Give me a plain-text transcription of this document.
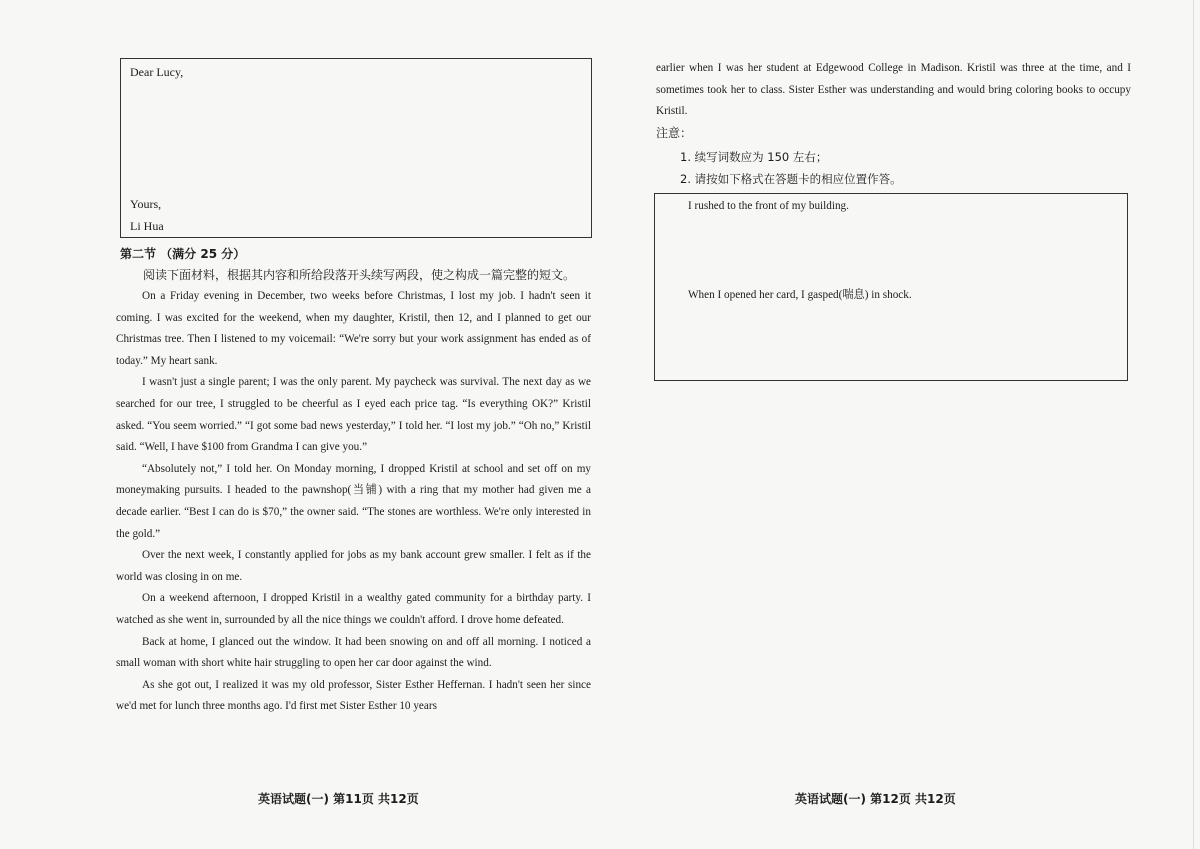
Dear Lucy,
Yours,
Li Hua
第二节 （满分 25 分）
阅读下面材料，根据其内容和所给段落开头续写两段，使之构成一篇完整的短文。

On a Friday evening in December, two weeks before Christmas, I lost my job. I hadn't seen it coming. I was excited for the weekend, when my daughter, Kristil, then 12, and I planned to get our Christmas tree. Then I listened to my voicemail: “We're sorry but your work assignment has ended as of today.” My heart sank.

I wasn't just a single parent; I was the only parent. My paycheck was survival. The next day as we searched for our tree, I struggled to be cheerful as I eyed each price tag. “Is everything OK?” Kristil asked. “You seem worried.” “I got some bad news yesterday,” I told her. “I lost my job.” “Oh no,” Kristil said. “Well, I have $100 from Grandma I can give you.”

“Absolutely not,” I told her. On Monday morning, I dropped Kristil at school and set off on my moneymaking pursuits. I headed to the pawnshop(当铺) with a ring that my mother had given me a decade earlier. “Best I can do is $70,” the owner said. “The stones are worthless. We're only interested in the gold.”

Over the next week, I constantly applied for jobs as my bank account grew smaller. I felt as if the world was closing in on me.

On a weekend afternoon, I dropped Kristil in a wealthy gated community for a birthday party. I watched as she went in, surrounded by all the nice things we couldn't afford. I drove home defeated.

Back at home, I glanced out the window. It had been snowing on and off all morning. I noticed a small woman with short white hair struggling to open her car door against the wind.

As she got out, I realized it was my old professor, Sister Esther Heffernan. I hadn't seen her since we'd met for lunch three months ago. I'd first met Sister Esther 10 years

英语试题(一) 第11页 共12页

earlier when I was her student at Edgewood College in Madison. Kristil was three at the time, and I sometimes took her to class. Sister Esther was understanding and would bring coloring books to occupy Kristil.

注意：
1. 续写词数应为 150 左右；
2. 请按如下格式在答题卡的相应位置作答。
I rushed to the front of my building.
When I opened her card, I gasped(喘息) in shock.
英语试题(一) 第12页 共12页
